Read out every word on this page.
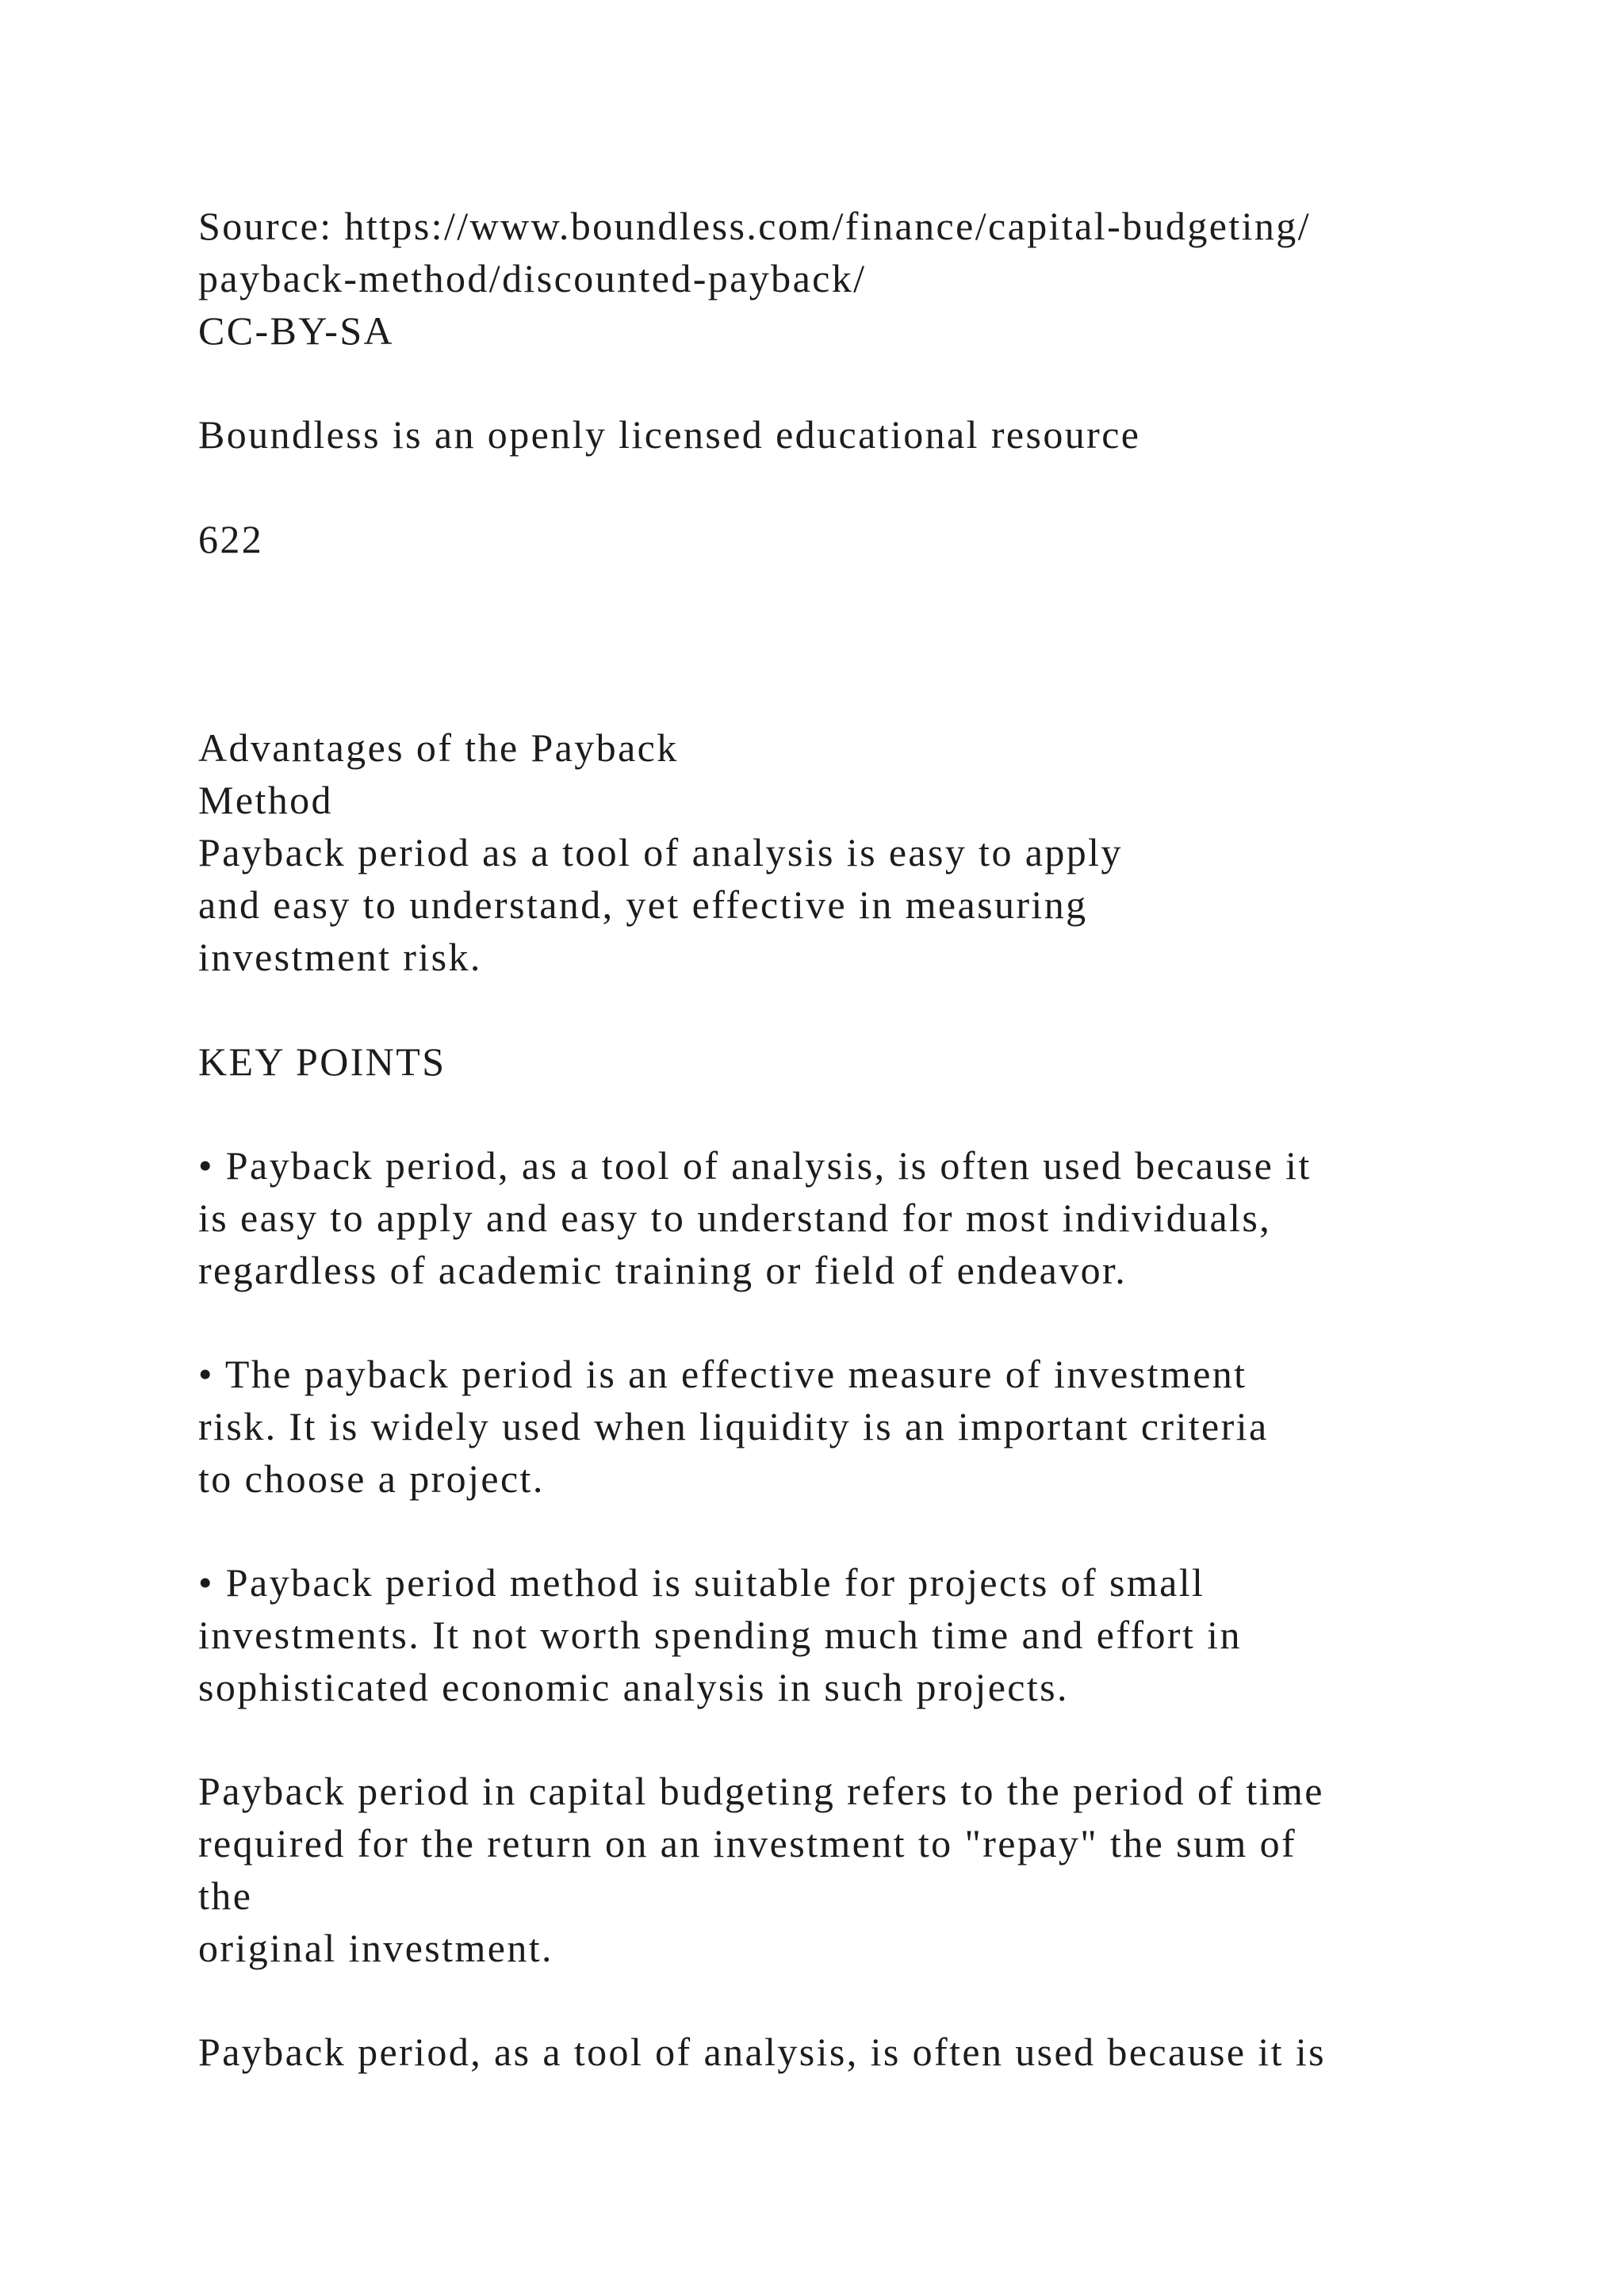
Source: https://www.boundless.com/finance/capital-budgeting/
payback-method/discounted-payback/
CC-BY-SA
Boundless is an openly licensed educational resource
622
Advantages of the Payback
Method
Payback period as a tool of analysis is easy to apply
and easy to understand, yet effective in measuring
investment risk.
KEY POINTS
• Payback period, as a tool of analysis, is often used because it
is easy to apply and easy to understand for most individuals,
regardless of academic training or field of endeavor.
• The payback period is an effective measure of investment
risk. It is widely used when liquidity is an important criteria
to choose a project.
• Payback period method is suitable for projects of small
investments. It not worth spending much time and effort in
sophisticated economic analysis in such projects.
Payback period in capital budgeting refers to the period of time
required for the return on an investment to "repay" the sum of
the
original investment.
Payback period, as a tool of analysis, is often used because it is
